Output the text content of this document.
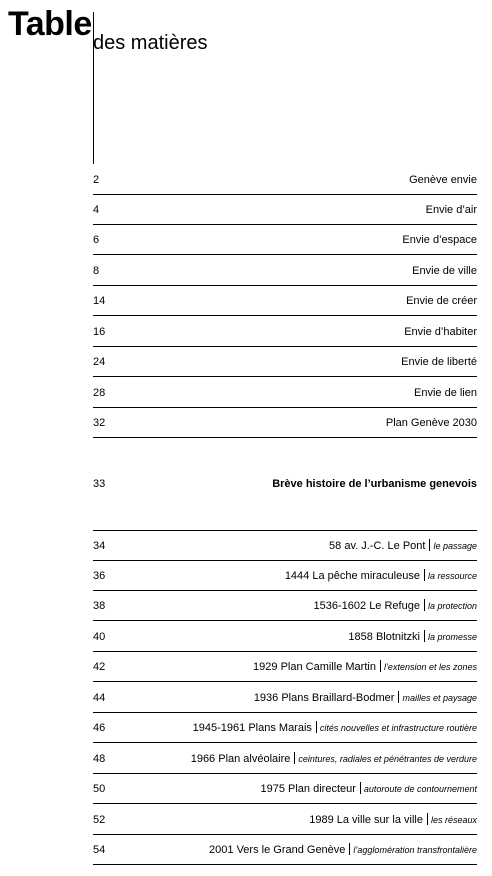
Table des matières
2	Genève envie
4	Envie d’air
6	Envie d’espace
8	Envie de ville
14	Envie de créer
16	Envie d’habiter
24	Envie de liberté
28	Envie de lien
32	Plan Genève 2030
33	Brève histoire de l’urbanisme genevois
34	58 av. J.-C. Le Pont le passage
36	1444 La pêche miraculeuse la ressource
38	1536-1602 Le Refuge la protection
40	1858 Blotnitzki la promesse
42	1929 Plan Camille Martin l’extension et les zones
44	1936 Plans Braillard-Bodmer mailles et paysage
46	1945-1961 Plans Marais cités nouvelles et infrastructure routière
48	1966 Plan alvéolaire ceintures, radiales et pénétrantes de verdure
50	1975 Plan directeur autoroute de contournement
52	1989 La ville sur la ville les réseaux
54	2001 Vers le Grand Genève l’agglomération transfrontalière
